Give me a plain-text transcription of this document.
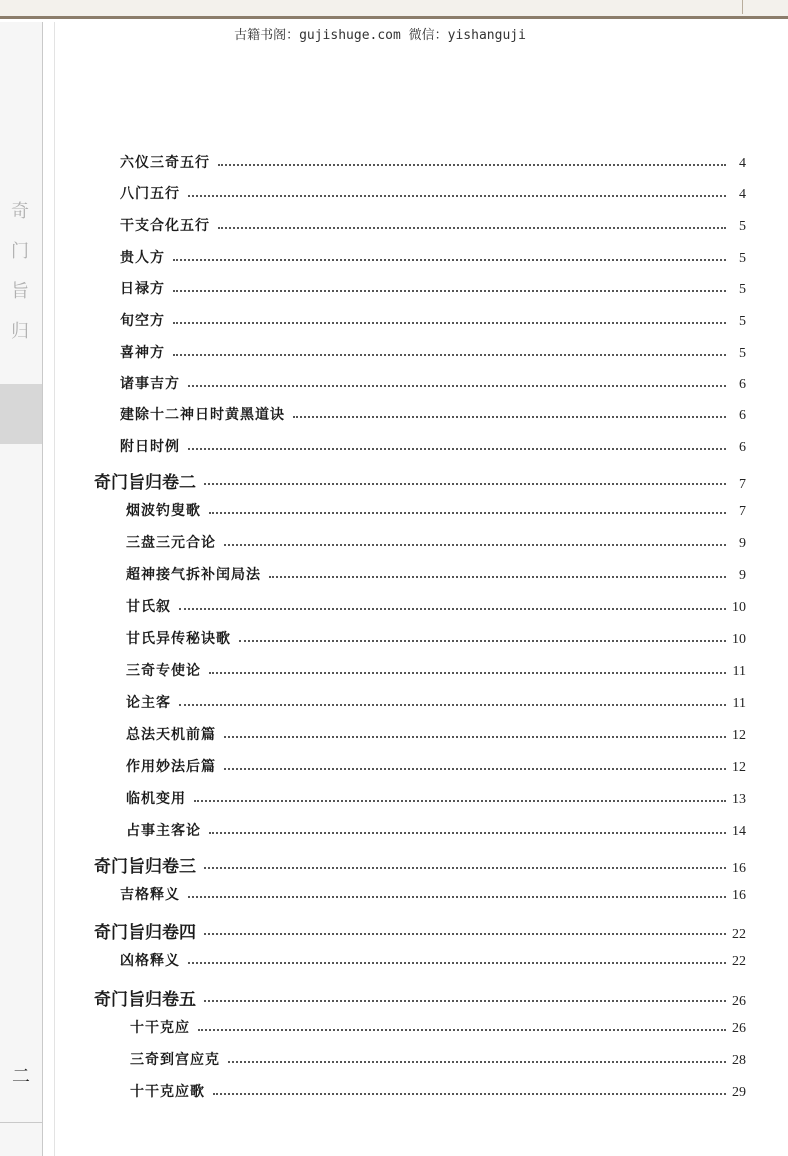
古籍书阁：gujishuge.com 微信：yishanguji
奇
门
旨
归
二
六仪三奇五行	4
八门五行	4
干支合化五行	5
贵人方	5
日禄方	5
旬空方	5
喜神方	5
诸事吉方	6
建除十二神日时黄黑道诀	6
附日时例	6
奇门旨归卷二	7
烟波钓叟歌	7
三盘三元合论	9
超神接气拆补闰局法	9
甘氏叙	10
甘氏异传秘诀歌	10
三奇专使论	11
论主客	11
总法天机前篇	12
作用妙法后篇	12
临机变用	13
占事主客论	14
奇门旨归卷三	16
吉格释义	16
奇门旨归卷四	22
凶格释义	22
奇门旨归卷五	26
十干克应	26
三奇到宫应克	28
十干克应歌	29
